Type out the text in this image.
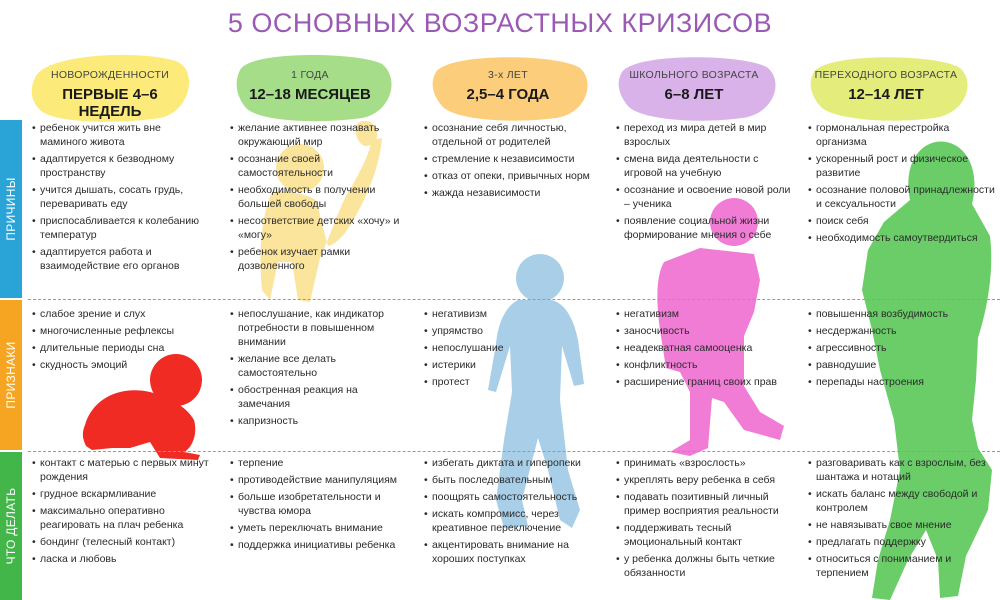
5 ОСНОВНЫХ ВОЗРАСТНЫХ КРИЗИСОВ
ПРИЧИНЫ
ПРИЗНАКИ
ЧТО ДЕЛАТЬ
НОВОРОЖДЕННОСТИ
ПЕРВЫЕ 4–6 НЕДЕЛЬ
1 ГОДА
12–18 МЕСЯЦЕВ
3-х ЛЕТ
2,5–4 ГОДА
ШКОЛЬНОГО ВОЗРАСТА
6–8 ЛЕТ
ПЕРЕХОДНОГО ВОЗРАСТА
12–14 ЛЕТ
• ребенок учится жить вне маминого живота
• адаптируется к безводному пространству
• учится дышать, сосать грудь, переваривать еду
• приспосабливается к колебанию температур
• адаптируется работа и взаимодействие его органов
• слабое зрение и слух
• многочисленные рефлексы
• длительные периоды сна
• скудность эмоций
• контакт с матерью с первых минут рождения
• грудное вскармливание
• максимально оперативно реагировать на плач ребенка
• бондинг (телесный контакт)
• ласка и любовь
• желание активнее познавать окружающий мир
• осознание своей самостоятельности
• необходимость в получении большей свободы
• несоответствие детских «хочу» и «могу»
• ребенок изучает рамки дозволенного
• непослушание, как индикатор потребности в повышенном внимании
• желание все делать самостоятельно
• обостренная реакция на замечания
• капризность
• терпение
• противодействие манипуляциям
• больше изобретательности и чувства юмора
• уметь переключать внимание
• поддержка инициативы ребенка
• осознание себя личностью, отдельной от родителей
• стремление к независимости
• отказ от опеки, привычных норм
• жажда независимости
• негативизм
• упрямство
• непослушание
• истерики
• протест
• избегать диктата и гиперопеки
• быть последовательным
• поощрять самостоятельность
• искать компромисс, через креативное переключение
• акцентировать внимание на хороших поступках
• переход из мира детей в мир взрослых
• смена вида деятельности с игровой на учебную
• осознание и освоение новой роли – ученика
• появление социальной жизни формирование мнения о себе
• негативизм
• заносчивость
• неадекватная самооценка
• конфликтность
• расширение границ своих прав
• принимать «взрослость»
• укреплять веру ребенка в себя
• подавать позитивный личный пример восприятия реальности
• поддерживать тесный эмоциональный контакт
• у ребенка должны быть четкие обязанности
• гормональная перестройка организма
• ускоренный рост и физическое развитие
• осознание половой принадлежности и сексуальности
• поиск себя
• необходимость самоутвердиться
• повышенная возбудимость
• несдержанность
• агрессивность
• равнодушие
• перепады настроения
• разговаривать как с взрослым, без шантажа и нотаций
• искать баланс между свободой и контролем
• не навязывать свое мнение
• предлагать поддержку
• относиться с пониманием и терпением
